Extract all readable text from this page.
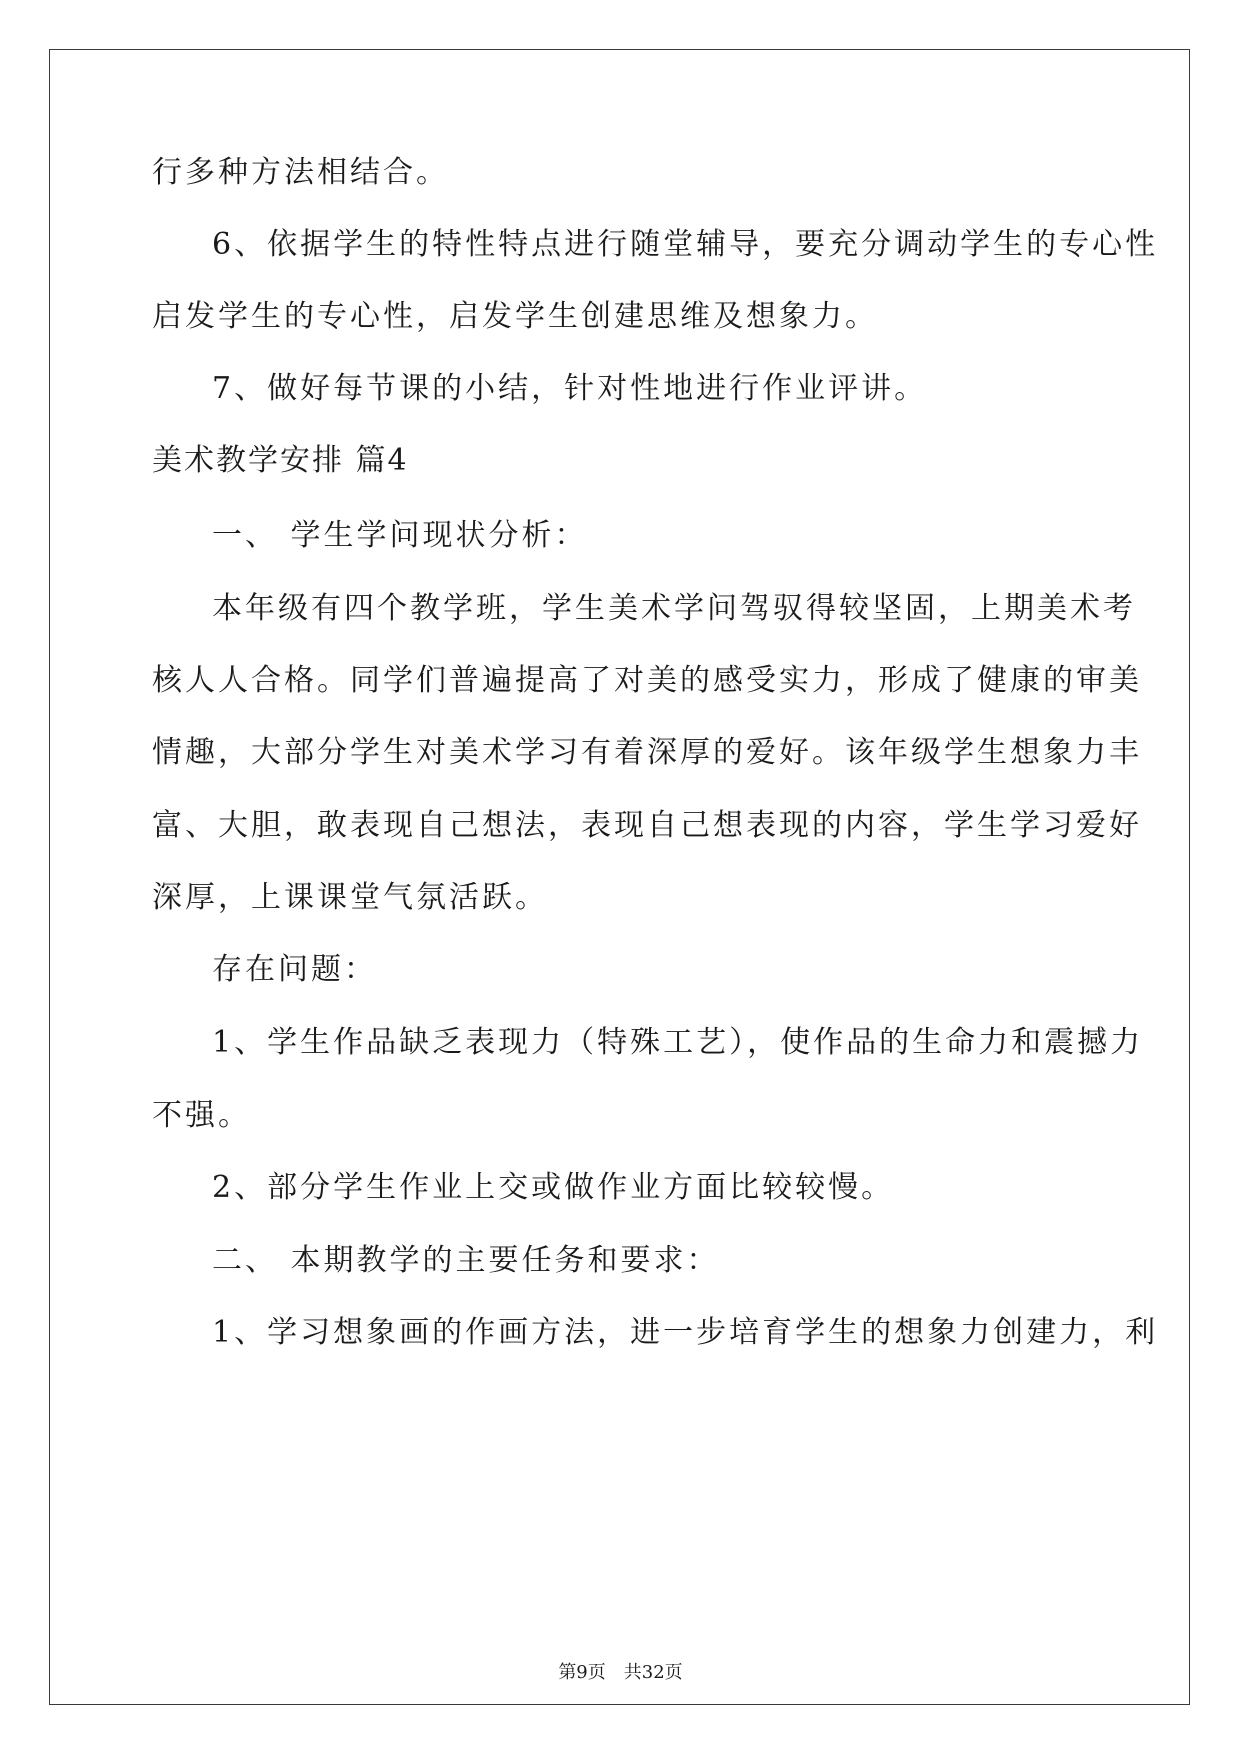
行多种方法相结合。
6、依据学生的特性特点进行随堂辅导，要充分调动学生的专心性
启发学生的专心性，启发学生创建思维及想象力。
7、做好每节课的小结，针对性地进行作业评讲。
美术教学安排 篇4
一、 学生学问现状分析：
本年级有四个教学班，学生美术学问驾驭得较坚固，上期美术考
核人人合格。同学们普遍提高了对美的感受实力，形成了健康的审美
情趣，大部分学生对美术学习有着深厚的爱好。该年级学生想象力丰
富、大胆，敢表现自己想法，表现自己想表现的内容，学生学习爱好
深厚，上课课堂气氛活跃。
存在问题：
1、学生作品缺乏表现力（特殊工艺），使作品的生命力和震撼力
不强。
2、部分学生作业上交或做作业方面比较较慢。
二、 本期教学的主要任务和要求：
1、学习想象画的作画方法，进一步培育学生的想象力创建力，利
第9页 共32页
